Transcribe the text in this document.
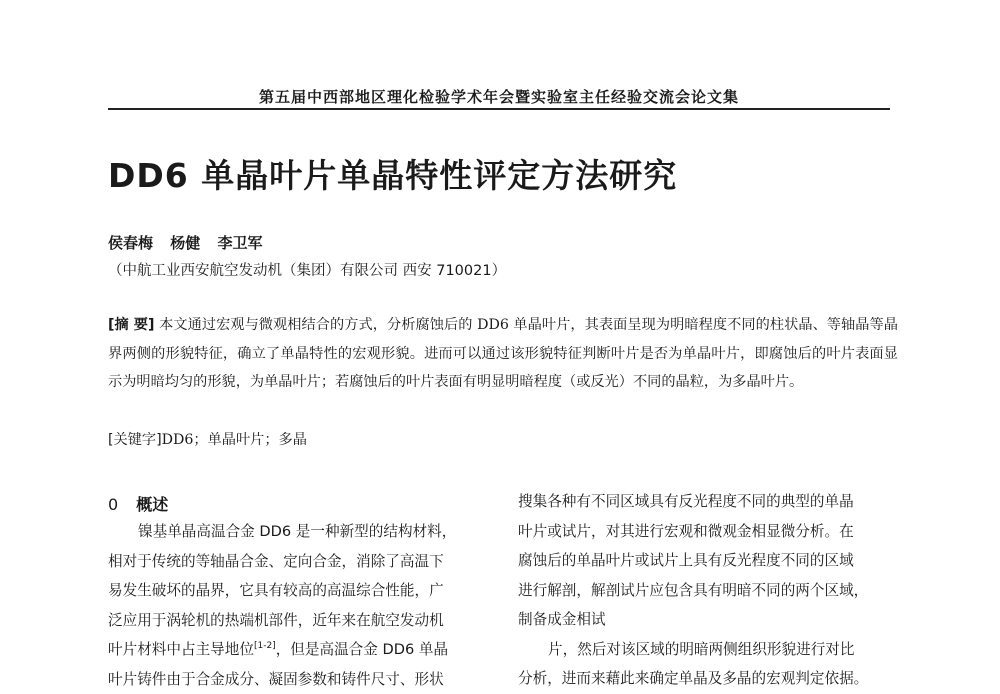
第五届中西部地区理化检验学术年会暨实验室主任经验交流会论文集
DD6 单晶叶片单晶特性评定方法研究
侯春梅 杨健 李卫军
（中航工业西安航空发动机（集团）有限公司 西安 710021）
[摘 要] 本文通过宏观与微观相结合的方式，分析腐蚀后的 DD6 单晶叶片，其表面呈现为明暗程度不同的柱状晶、等轴晶等晶界两侧的形貌特征，确立了单晶特性的宏观形貌。进而可以通过该形貌特征判断叶片是否为单晶叶片，即腐蚀后的叶片表面显示为明暗均匀的形貌，为单晶叶片；若腐蚀后的叶片表面有明显明暗程度（或反光）不同的晶粒，为多晶叶片。
[关键字]DD6；单晶叶片；多晶
0 概述
镍基单晶高温合金 DD6 是一种新型的结构材料，
相对于传统的等轴晶合金、定向合金，消除了高温下
易发生破坏的晶界，它具有较高的高温综合性能，广
泛应用于涡轮机的热端机部件，近年来在航空发动机
叶片材料中占主导地位[1-2]，但是高温合金 DD6 单晶
叶片铸件由于合金成分、凝固参数和铸件尺寸、形状
搜集各种有不同区域具有反光程度不同的典型的单晶
叶片或试片，对其进行宏观和微观金相显微分析。在
腐蚀后的单晶叶片或试片上具有反光程度不同的区域
进行解剖，解剖试片应包含具有明暗不同的两个区域，
制备成金相试
片，然后对该区域的明暗两侧组织形貌进行对比
分析，进而来藉此来确定单晶及多晶的宏观判定依据。
